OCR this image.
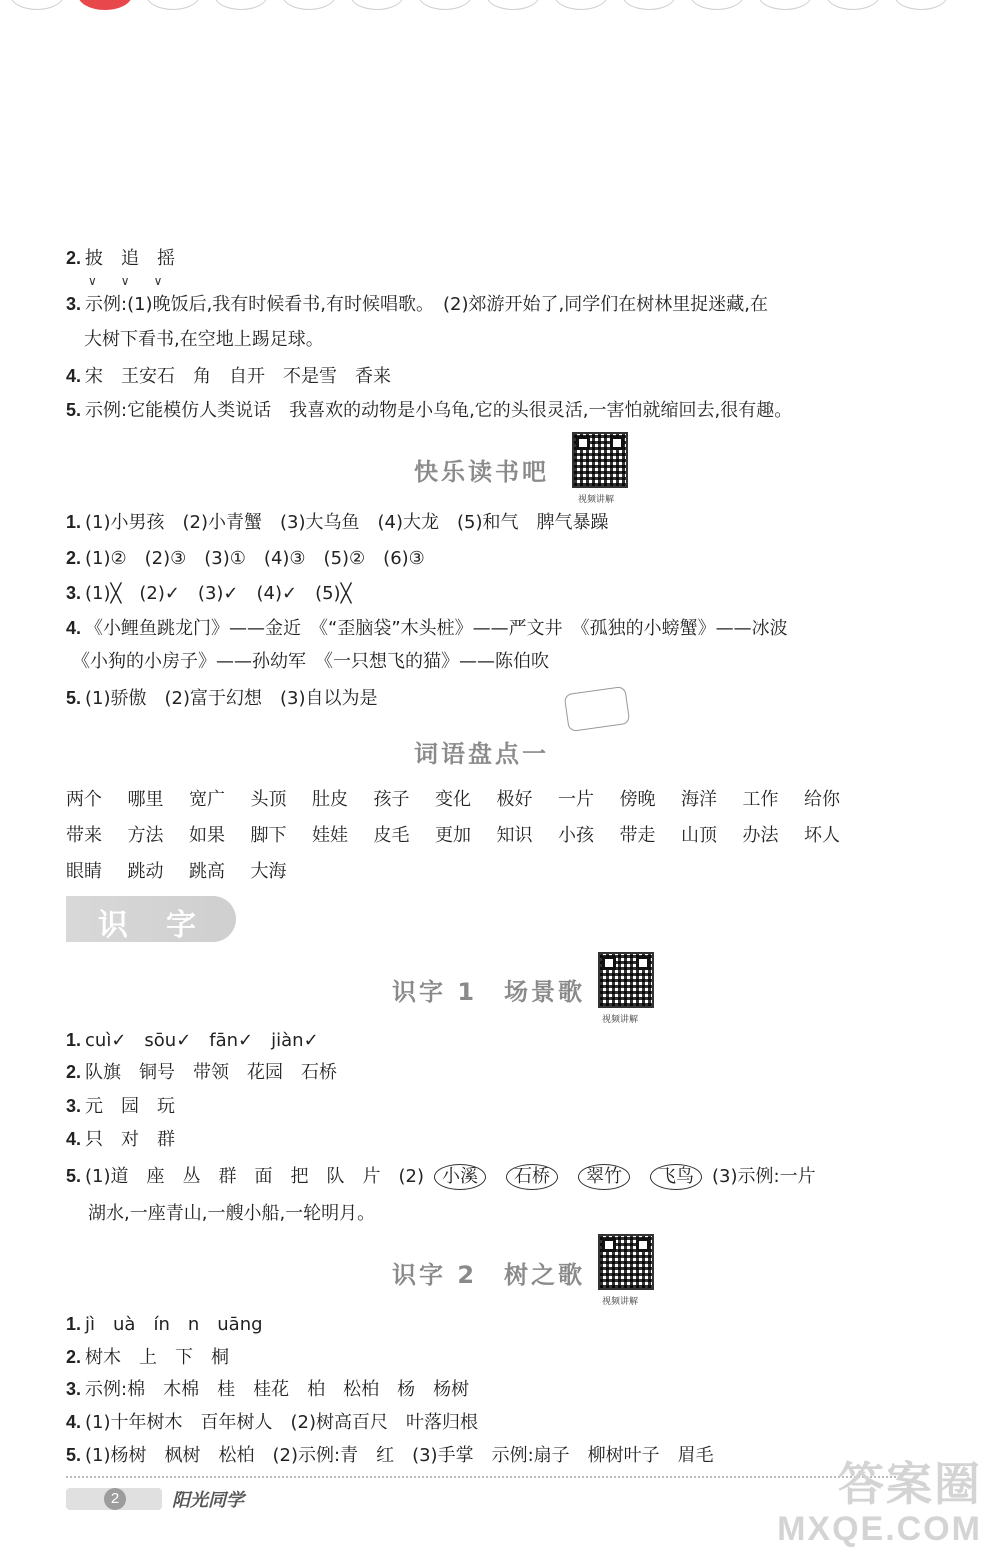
2. 披　追　摇
∨　　∨　　∨
3. 示例:(1)晚饭后,我有时候看书,有时候唱歌。　(2)郊游开始了,同学们在树林里捉迷藏,在
大树下看书,在空地上踢足球。
4. 宋　王安石　角　自开　不是雪　香来
5. 示例:它能模仿人类说话　我喜欢的动物是小乌龟,它的头很灵活,一害怕就缩回去,很有趣。
快乐读书吧
视频讲解
1. (1)小男孩　(2)小青蟹　(3)大乌鱼　(4)大龙　(5)和气　脾气暴躁
2. (1)②　(2)③　(3)①　(4)③　(5)②　(6)③
3. (1)╳　(2)✓　(3)✓　(4)✓　(5)╳
4. 《小鲤鱼跳龙门》——金近　《“歪脑袋”木头桩》——严文井　《孤独的小螃蟹》——冰波
《小狗的小房子》——孙幼军　《一只想飞的猫》——陈伯吹
5. (1)骄傲　(2)富于幻想　(3)自以为是
词语盘点一
两个 哪里 宽广 头顶 肚皮 孩子 变化 极好 一片 傍晚 海洋 工作 给你
带来 方法 如果 脚下 娃娃 皮毛 更加 知识 小孩 带走 山顶 办法 坏人
眼睛 跳动 跳高 大海
识字
识字 1　场景歌
视频讲解
1. cuì✓　sōu✓　fān✓　jiàn✓
2. 队旗　铜号　带领　花园　石桥
3. 元　园　玩
4. 只　对　群
5. (1)道　座　丛　群　面　把　队　片　(2) 小溪 石桥 翠竹 飞鸟 (3)示例:一片
湖水,一座青山,一艘小船,一轮明月。
识字 2　树之歌
视频讲解
1. jì　uà　ín　n　uāng
2. 树木　上　下　桐
3. 示例:棉　木棉　桂　桂花　柏　松柏　杨　杨树
4. (1)十年树木　百年树人　(2)树高百尺　叶落归根
5. (1)杨树　枫树　松柏　(2)示例:青　红　(3)手掌　示例:扇子　柳树叶子　眉毛
2	阳光同学	答案圈
MXQE.COM
